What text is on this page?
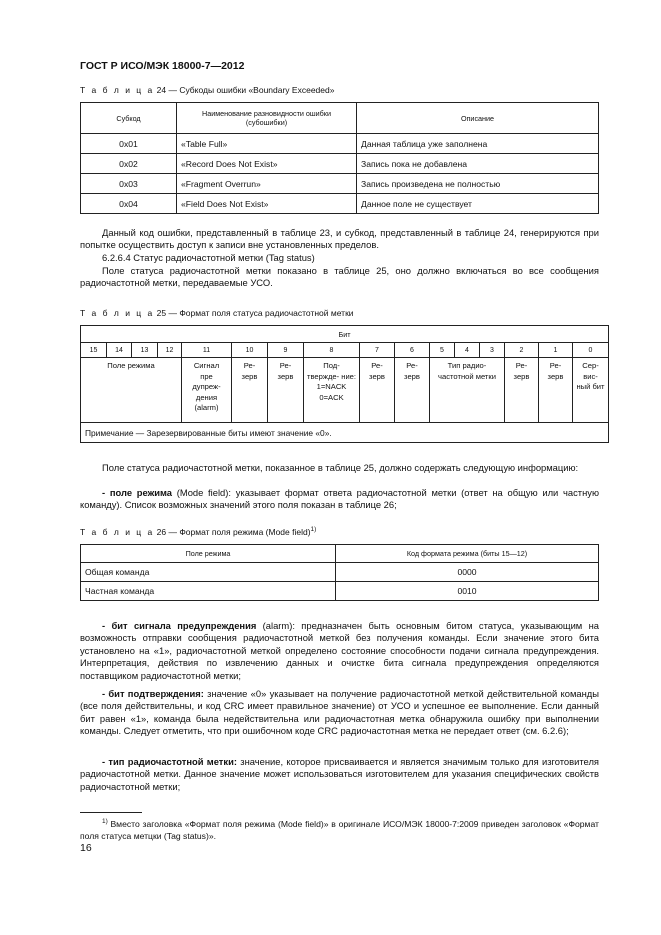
ГОСТ Р ИСО/МЭК 18000-7—2012
Т а б л и ц а 24 — Субкоды ошибки «Boundary Exceeded»
Субкод	Наименование разновидности ошибки (субошибки)	Описание
0x01	«Table Full»	Данная таблица уже заполнена
0x02	«Record Does Not Exist»	Запись пока не добавлена
0x03	«Fragment Overrun»	Запись произведена не полностью
0x04	«Field Does Not Exist»	Данное поле не существует

Данный код ошибки, представленный в таблице 23, и субкод, представленный в таблице 24, генерируются при попытке осуществить доступ к записи вне установленных пределов.

6.2.6.4 Статус радиочастотной метки (Tag status)

Поле статуса радиочастотной метки показано в таблице 25, оно должно включаться во все сообщения радиочастотной метки, передаваемые УСО.

Т а б л и ц а 25 — Формат поля статуса радиочастотной метки
Бит															
15	14	13	12	11	10	9	8	7	6	5	4	3	2	1	0
Поле режима				Сигнал пре дупреж- дения (alarm)	Ре- зерв	Ре- зерв	Под- твержде- ние: 1=NACK 0=ACK	Ре- зерв	Ре- зерв	Тип радио- частотной метки			Ре- зерв	Ре- зерв	Сер- вис- ный бит
Примечание — Зарезервированные биты имеют значение «0».															

Поле статуса радиочастотной метки, показанное в таблице 25, должно содержать следующую информацию:

- поле режима (Mode field): указывает формат ответа радиочастотной метки (ответ на общую или частную команду). Список возможных значений этого поля показан в таблице 26;

Т а б л и ц а 26 — Формат поля режима (Mode field)$^{1)}$
Поле режима	Код формата режима (биты 15—12)
Общая команда	0000
Частная команда	0010

- бит сигнала предупреждения (alarm): предназначен быть основным битом статуса, указывающим на возможность отправки сообщения радиочастотной меткой без получения команды. Если значение этого бита установлено на «1», радиочастотной меткой определено состояние способности подачи сигнала предупреждения. Интерпретация, действия по извлечению данных и очистке бита сигнала предупреждения определяются поставщиком радиочастотной метки;

- бит подтверждения: значение «0» указывает на получение радиочастотной меткой действительной команды (все поля действительны, и код CRC имеет правильное значение) от УСО и успешное ее выполнение. Если данный бит равен «1», команда была недействительна или радиочастотная метка обнаружила ошибку при выполнении команды. Следует отметить, что при ошибочном коде CRC радиочастотная метка не передает ответ (см. 6.2.6);

- тип радиочастотной метки: значение, которое присваивается и является значимым только для изготовителя радиочастотной метки. Данное значение может использоваться изготовителем для указания специфических свойств радиочастотной метки;

$^{1)}$ Вместо заголовка «Формат поля режима (Mode field)» в оригинале ИСО/МЭК 18000-7:2009 приведен заголовок «Формат поля статуса метцки (Tag status)».

16
